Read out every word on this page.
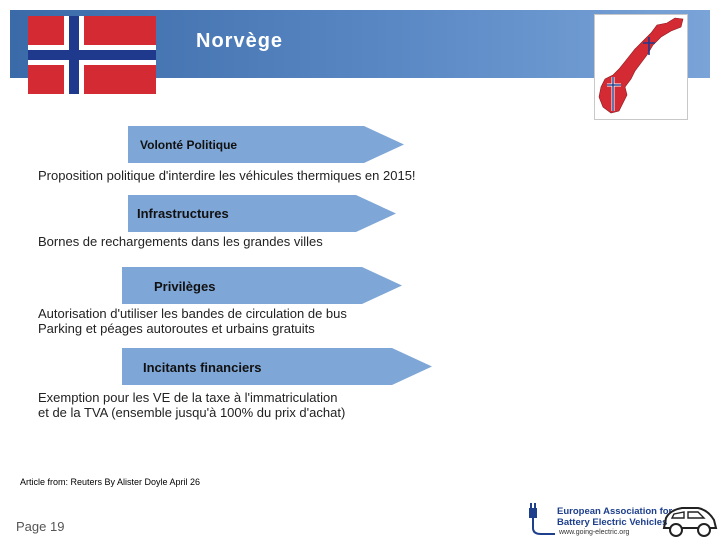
Norvège
Volonté Politique
Proposition politique d'interdire les véhicules thermiques en 2015!
Infrastructures
Bornes de rechargements dans les grandes villes
Privilèges
Autorisation d'utiliser les bandes de circulation de bus
Parking et péages autoroutes et urbains gratuits
Incitants financiers
Exemption pour les VE de la taxe à l'immatriculation
et de la TVA (ensemble jusqu'à 100% du prix d'achat)
Article from: Reuters By Alister Doyle April 26
Page 19
European Association for
Battery Electric Vehicles
www.going-electric.org
